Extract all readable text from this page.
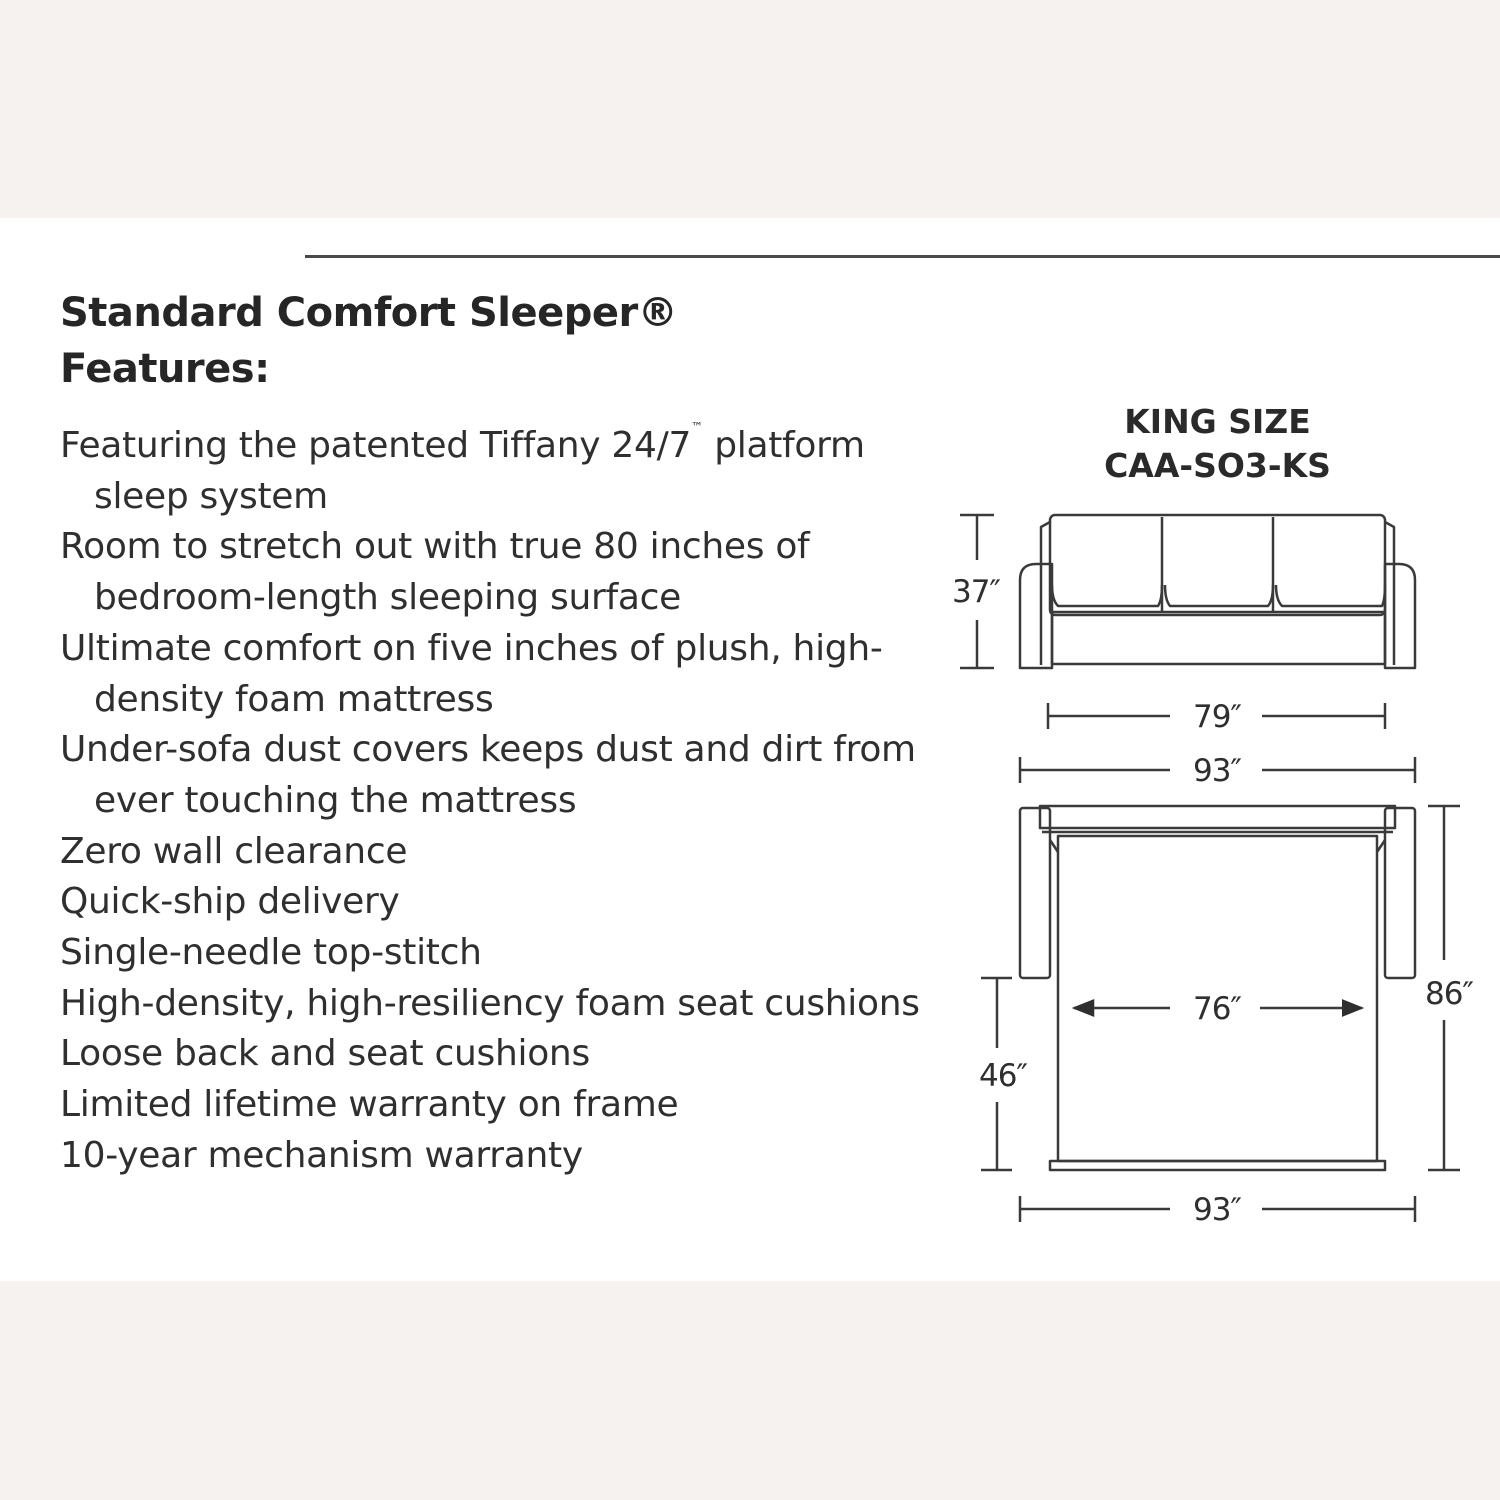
Standard Comfort Sleeper®
Features:
Featuring the patented Tiffany 24/7™ platform sleep system
Room to stretch out with true 80 inches of bedroom-length sleeping surface
Ultimate comfort on five inches of plush, high-density foam mattress
Under-sofa dust covers keeps dust and dirt from ever touching the mattress
Zero wall clearance
Quick-ship delivery
Single-needle top-stitch
High-density, high-resiliency foam seat cushions
Loose back and seat cushions
Limited lifetime warranty on frame
10-year mechanism warranty
KING SIZE
CAA-SO3-KS
37″
79″
93″
76″	86″
46″
93″
